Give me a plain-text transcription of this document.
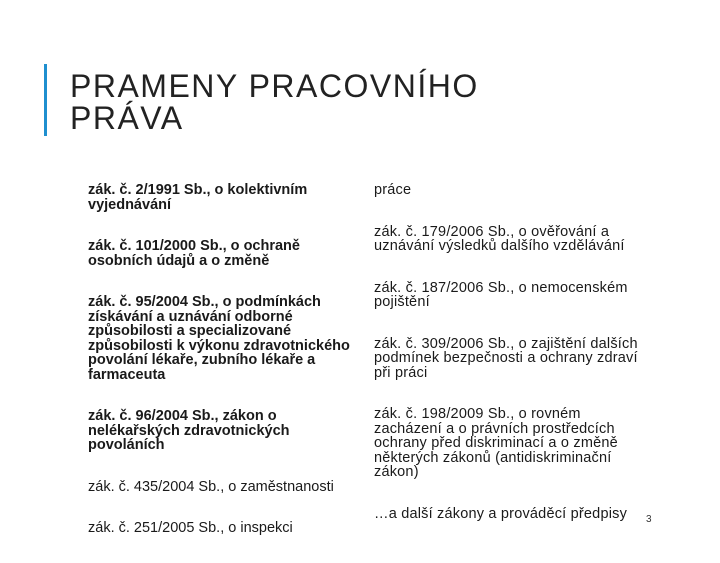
PRAMENY PRACOVNÍHO
PRÁVA

zák. č. 2/1991 Sb., o kolektivním vyjednávání

zák. č. 101/2000 Sb., o ochraně osobních údajů a o změně

zák. č. 95/2004 Sb., o podmínkách získávání a uznávání odborné způsobilosti a specializované způsobilosti k výkonu zdravotnického povolání lékaře, zubního lékaře a farmaceuta

zák. č. 96/2004 Sb., zákon o nelékařských zdravotnických povoláních

zák. č. 435/2004 Sb., o zaměstnanosti

zák. č. 251/2005 Sb., o inspekci

práce

zák. č. 179/2006 Sb., o ověřování a uznávání výsledků dalšího vzdělávání

zák. č. 187/2006 Sb., o nemocenském pojištění

zák. č. 309/2006 Sb., o zajištění dalších podmínek bezpečnosti a ochrany zdraví při práci

zák. č. 198/2009 Sb., o rovném zacházení a o právních prostředcích ochrany před diskriminací a o změně některých zákonů (antidiskriminační zákon)

…a další zákony a prováděcí předpisy	3
